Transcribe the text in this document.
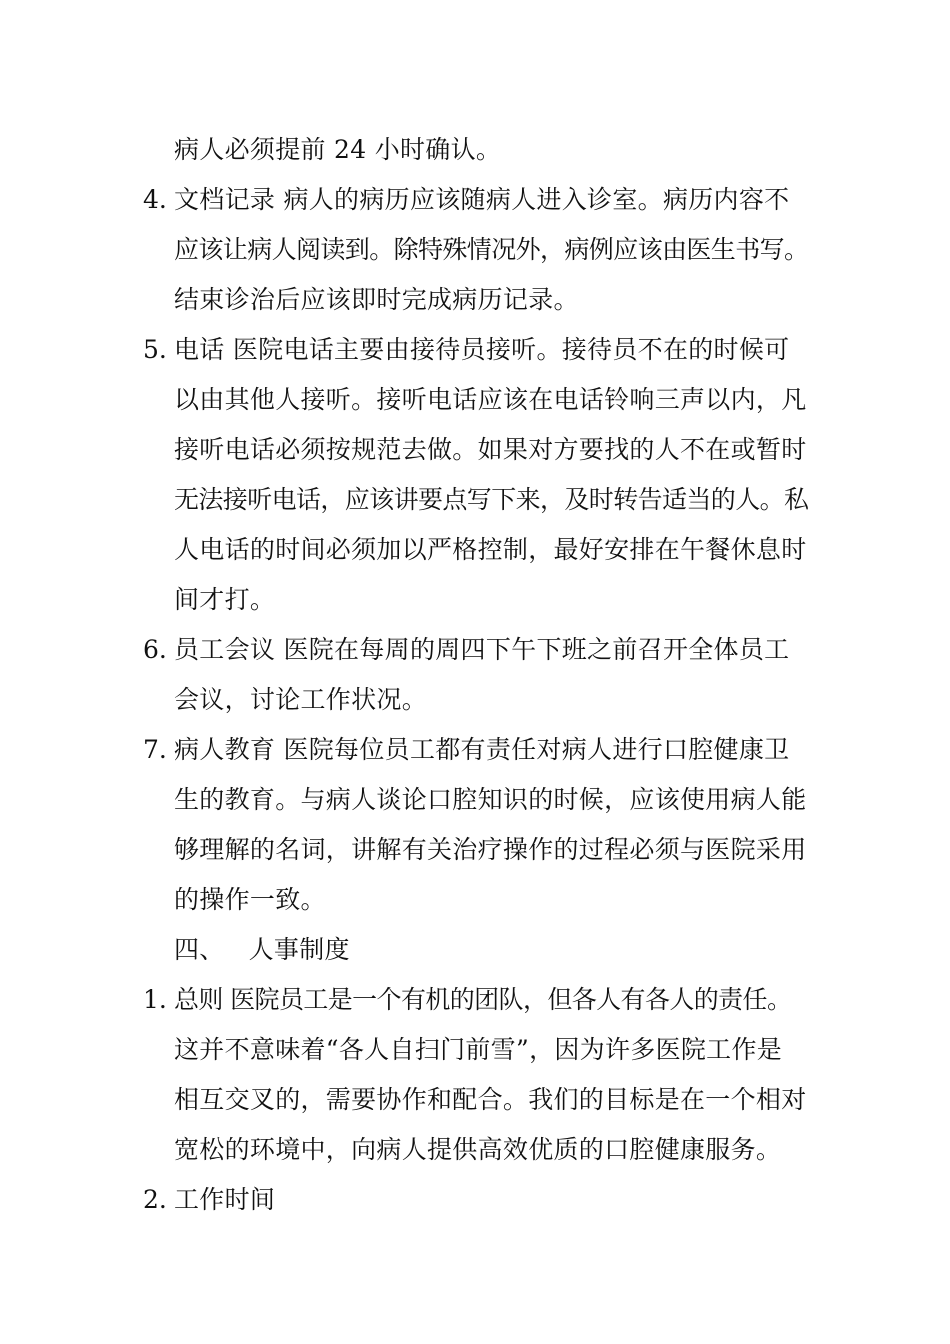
病人必须提前 24 小时确认。
4. 文档记录 病人的病历应该随病人进入诊室。病历内容不
应该让病人阅读到。除特殊情况外，病例应该由医生书写。
结束诊治后应该即时完成病历记录。
5. 电话 医院电话主要由接待员接听。接待员不在的时候可
以由其他人接听。接听电话应该在电话铃响三声以内，凡
接听电话必须按规范去做。如果对方要找的人不在或暂时
无法接听电话，应该讲要点写下来，及时转告适当的人。私
人电话的时间必须加以严格控制，最好安排在午餐休息时
间才打。
6. 员工会议 医院在每周的周四下午下班之前召开全体员工
会议，讨论工作状况。
7. 病人教育 医院每位员工都有责任对病人进行口腔健康卫
生的教育。与病人谈论口腔知识的时候，应该使用病人能
够理解的名词，讲解有关治疗操作的过程必须与医院采用
的操作一致。
四、 人事制度
1. 总则 医院员工是一个有机的团队，但各人有各人的责任。
这并不意味着“各人自扫门前雪”，因为许多医院工作是
相互交叉的，需要协作和配合。我们的目标是在一个相对
宽松的环境中，向病人提供高效优质的口腔健康服务。
2. 工作时间
